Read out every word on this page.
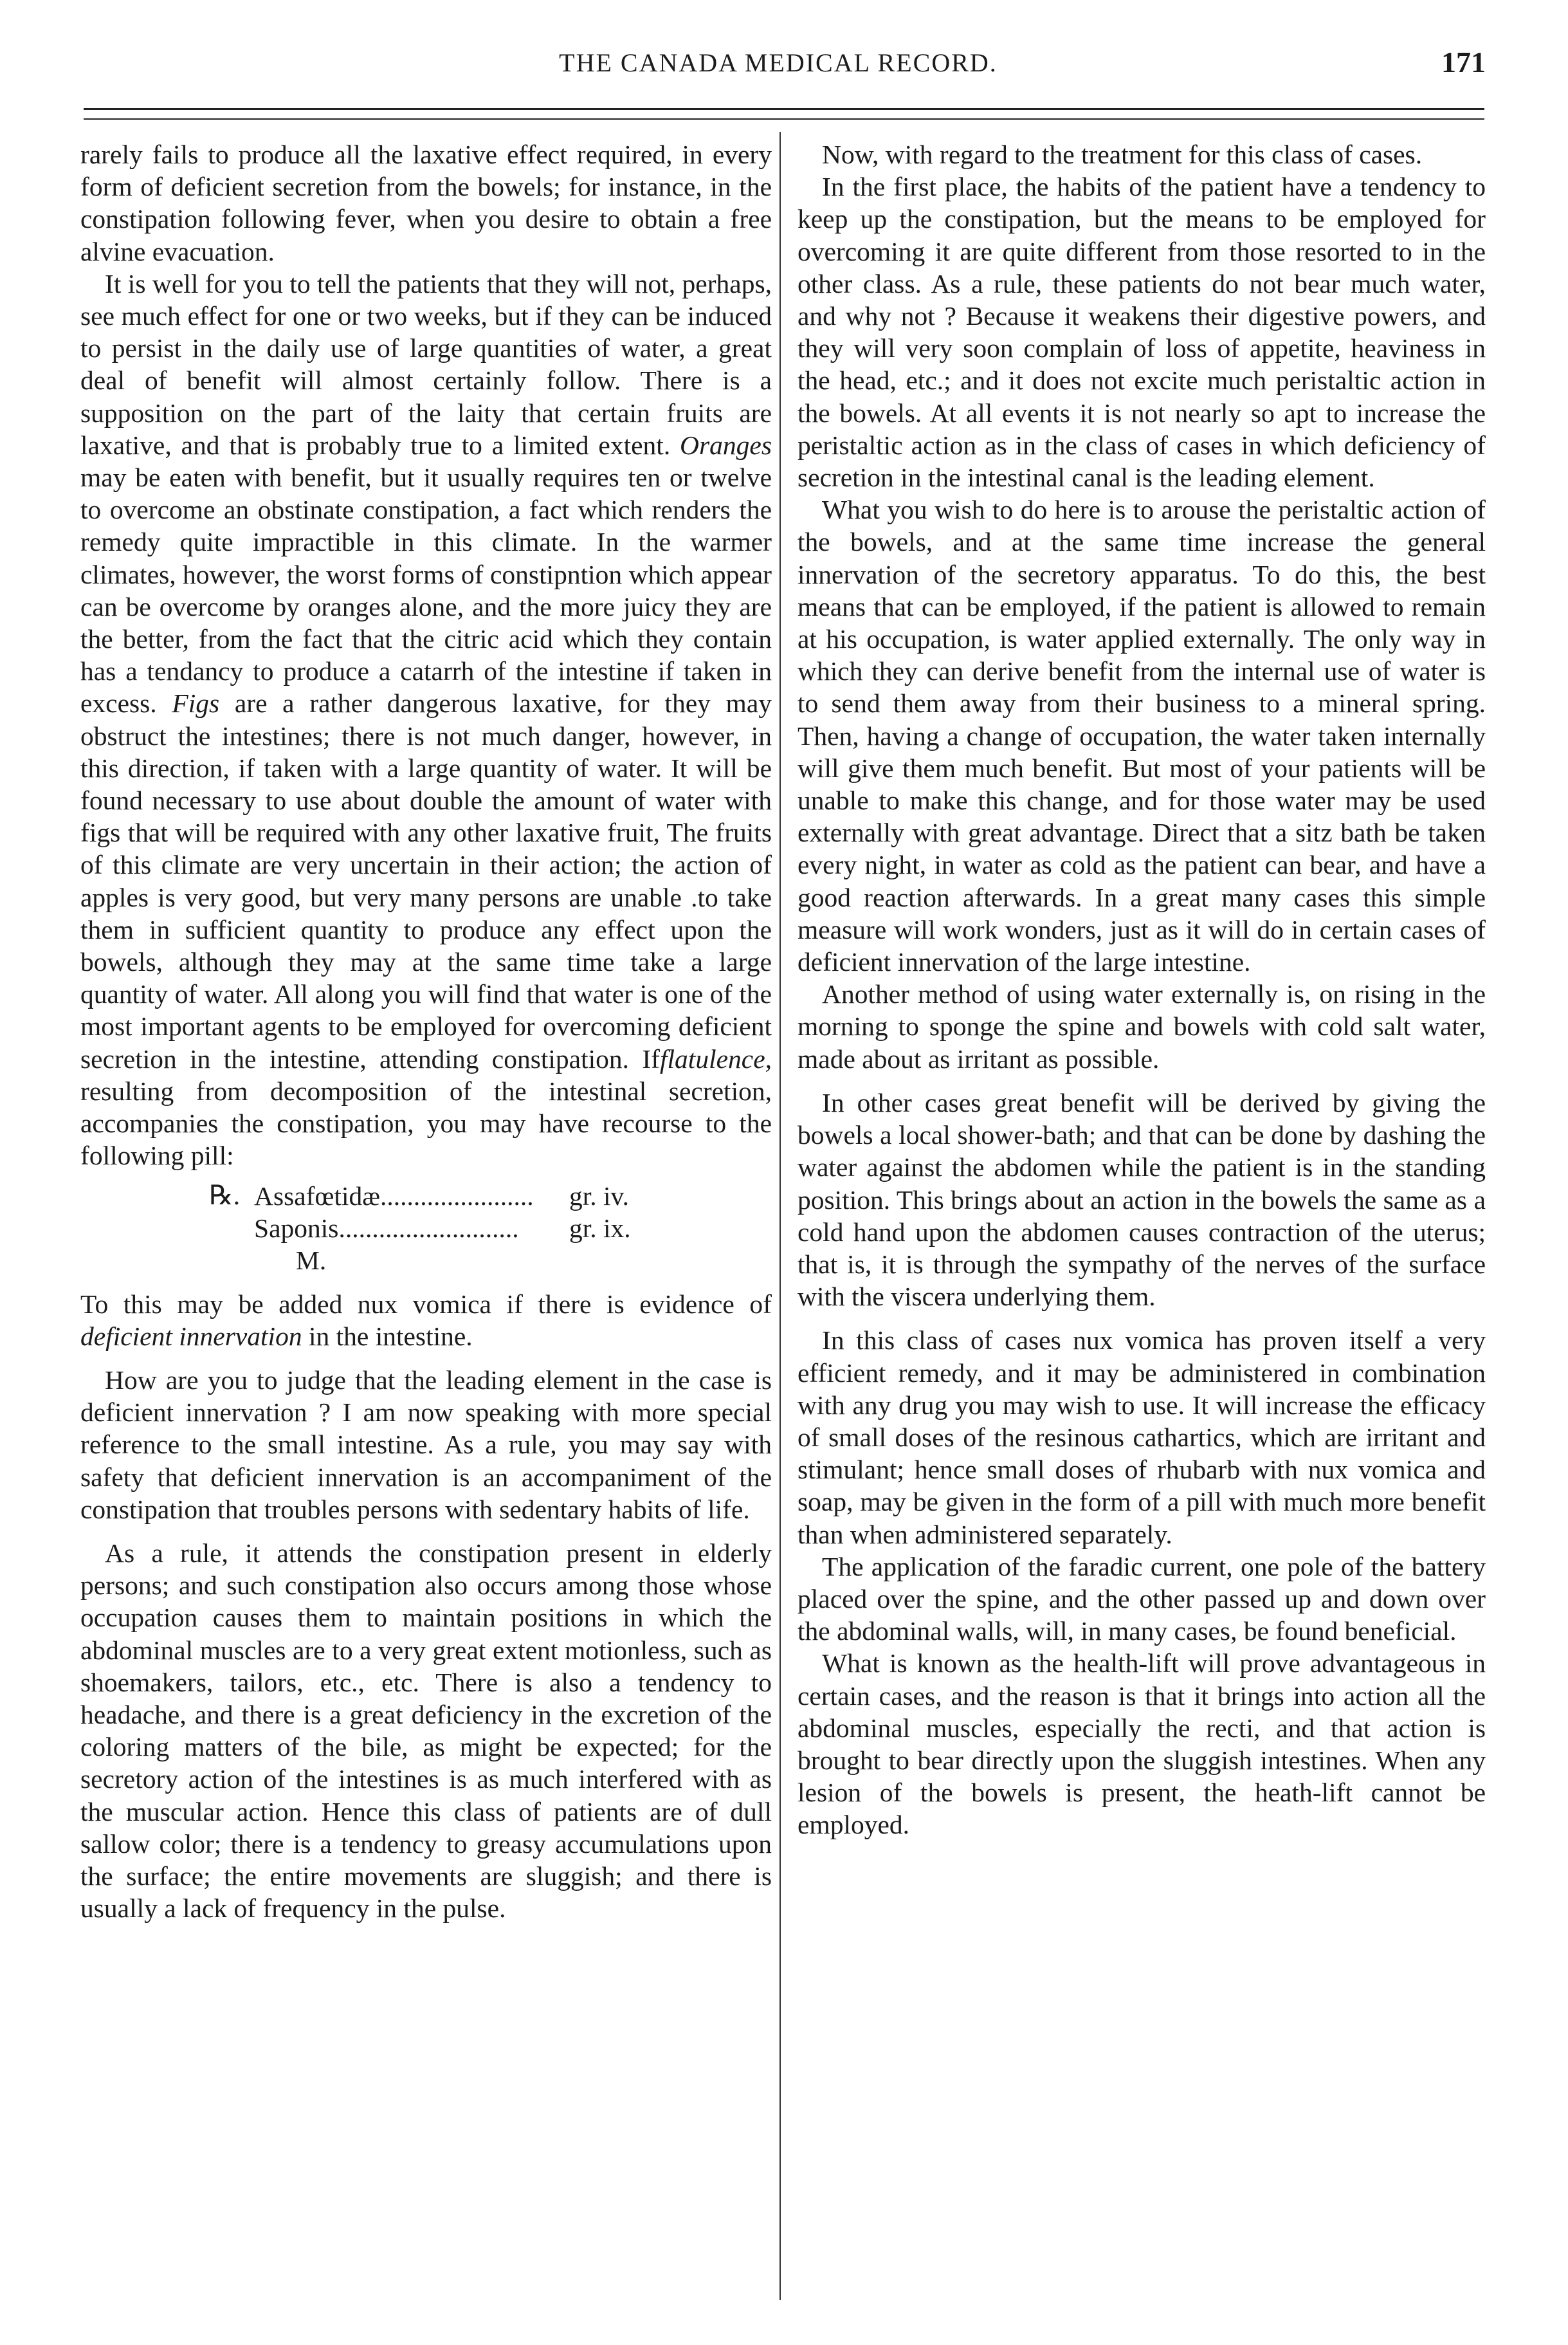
THE CANADA MEDICAL RECORD.	171

rarely fails to produce all the laxative effect required, in every form of deficient secretion from the bowels; for instance, in the constipation following fever, when you desire to obtain a free alvine evacuation.

It is well for you to tell the patients that they will not, perhaps, see much effect for one or two weeks, but if they can be induced to persist in the daily use of large quantities of water, a great deal of benefit will almost certainly follow. There is a supposition on the part of the laity that certain fruits are laxative, and that is probably true to a limited extent. Oranges may be eaten with benefit, but it usually requires ten or twelve to overcome an obstinate constipation, a fact which renders the remedy quite impractible in this climate. In the warmer climates, however, the worst forms of constipntion which appear can be overcome by oranges alone, and the more juicy they are the better, from the fact that the citric acid which they contain has a tendancy to produce a catarrh of the intestine if taken in excess. Figs are a rather dangerous laxative, for they may obstruct the intestines; there is not much danger, however, in this direction, if taken with a large quantity of water. It will be found necessary to use about double the amount of water with figs that will be required with any other laxative fruit, The fruits of this climate are very uncertain in their action; the action of apples is very good, but very many persons are unable .to take them in sufficient quantity to produce any effect upon the bowels, although they may at the same time take a large quantity of water. All along you will find that water is one of the most important agents to be employed for overcoming deficient secretion in the intestine, attending constipation. Ifflatulence, resulting from decomposition of the intestinal secretion, accompanies the constipation, you may have recourse to the following pill:

℞. Assafœtidæ....................... gr. iv.
Saponis........................... gr. ix.
M.

To this may be added nux vomica if there is evidence of deficient innervation in the intestine.

How are you to judge that the leading element in the case is deficient innervation ? I am now speaking with more special reference to the small intestine. As a rule, you may say with safety that deficient innervation is an accompaniment of the constipation that troubles persons with sedentary habits of life.

As a rule, it attends the constipation present in elderly persons; and such constipation also occurs among those whose occupation causes them to maintain positions in which the abdominal muscles are to a very great extent motionless, such as shoemakers, tailors, etc., etc. There is also a tendency to headache, and there is a great deficiency in the excretion of the coloring matters of the bile, as might be expected; for the secretory action of the intestines is as much interfered with as the muscular action. Hence this class of patients are of dull sallow color; there is a tendency to greasy accumulations upon the surface; the entire movements are sluggish; and there is usually a lack of frequency in the pulse.

Now, with regard to the treatment for this class of cases.

In the first place, the habits of the patient have a tendency to keep up the constipation, but the means to be employed for overcoming it are quite different from those resorted to in the other class. As a rule, these patients do not bear much water, and why not ? Because it weakens their digestive powers, and they will very soon complain of loss of appetite, heaviness in the head, etc.; and it does not excite much peristaltic action in the bowels. At all events it is not nearly so apt to increase the peristaltic action as in the class of cases in which deficiency of secretion in the intestinal canal is the leading element.

What you wish to do here is to arouse the peristaltic action of the bowels, and at the same time increase the general innervation of the secretory apparatus. To do this, the best means that can be employed, if the patient is allowed to remain at his occupation, is water applied externally. The only way in which they can derive benefit from the internal use of water is to send them away from their business to a mineral spring. Then, having a change of occupation, the water taken internally will give them much benefit. But most of your patients will be unable to make this change, and for those water may be used externally with great advantage. Direct that a sitz bath be taken every night, in water as cold as the patient can bear, and have a good reaction afterwards. In a great many cases this simple measure will work wonders, just as it will do in certain cases of deficient innervation of the large intestine.

Another method of using water externally is, on rising in the morning to sponge the spine and bowels with cold salt water, made about as irritant as possible.

In other cases great benefit will be derived by giving the bowels a local shower-bath; and that can be done by dashing the water against the abdomen while the patient is in the standing position. This brings about an action in the bowels the same as a cold hand upon the abdomen causes contraction of the uterus; that is, it is through the sympathy of the nerves of the surface with the viscera underlying them.

In this class of cases nux vomica has proven itself a very efficient remedy, and it may be administered in combination with any drug you may wish to use. It will increase the efficacy of small doses of the resinous cathartics, which are irritant and stimulant; hence small doses of rhubarb with nux vomica and soap, may be given in the form of a pill with much more benefit than when administered separately.

The application of the faradic current, one pole of the battery placed over the spine, and the other passed up and down over the abdominal walls, will, in many cases, be found beneficial.

What is known as the health-lift will prove advantageous in certain cases, and the reason is that it brings into action all the abdominal muscles, especially the recti, and that action is brought to bear directly upon the sluggish intestines. When any lesion of the bowels is present, the heath-lift cannot be employed.
